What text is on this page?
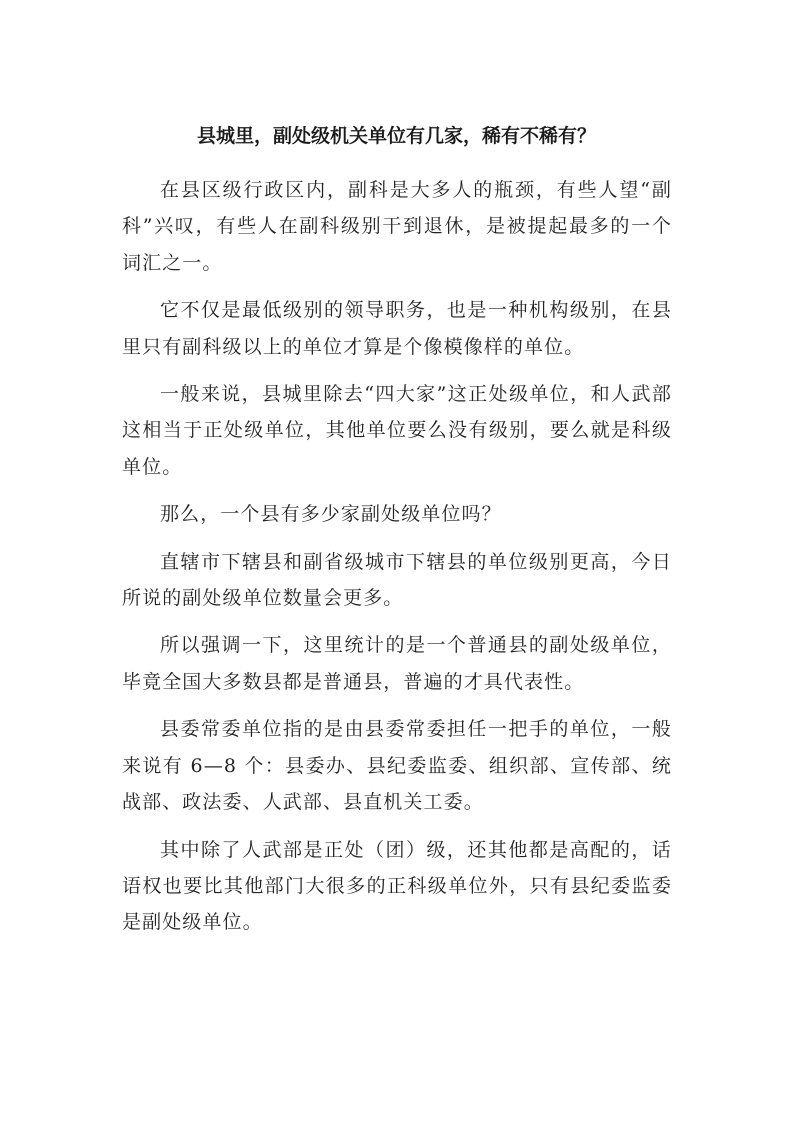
县城里，副处级机关单位有几家，稀有不稀有？

在县区级行政区内，副科是大多人的瓶颈，有些人望“副科”兴叹，有些人在副科级别干到退休，是被提起最多的一个词汇之一。

它不仅是最低级别的领导职务，也是一种机构级别，在县里只有副科级以上的单位才算是个像模像样的单位。

一般来说，县城里除去“四大家”这正处级单位，和人武部这相当于正处级单位，其他单位要么没有级别，要么就是科级单位。

那么，一个县有多少家副处级单位吗？

直辖市下辖县和副省级城市下辖县的单位级别更高，今日所说的副处级单位数量会更多。

所以强调一下，这里统计的是一个普通县的副处级单位，毕竟全国大多数县都是普通县，普遍的才具代表性。

县委常委单位指的是由县委常委担任一把手的单位，一般来说有 6—8 个：县委办、县纪委监委、组织部、宣传部、统战部、政法委、人武部、县直机关工委。

其中除了人武部是正处（团）级，还其他都是高配的，话语权也要比其他部门大很多的正科级单位外，只有县纪委监委是副处级单位。
